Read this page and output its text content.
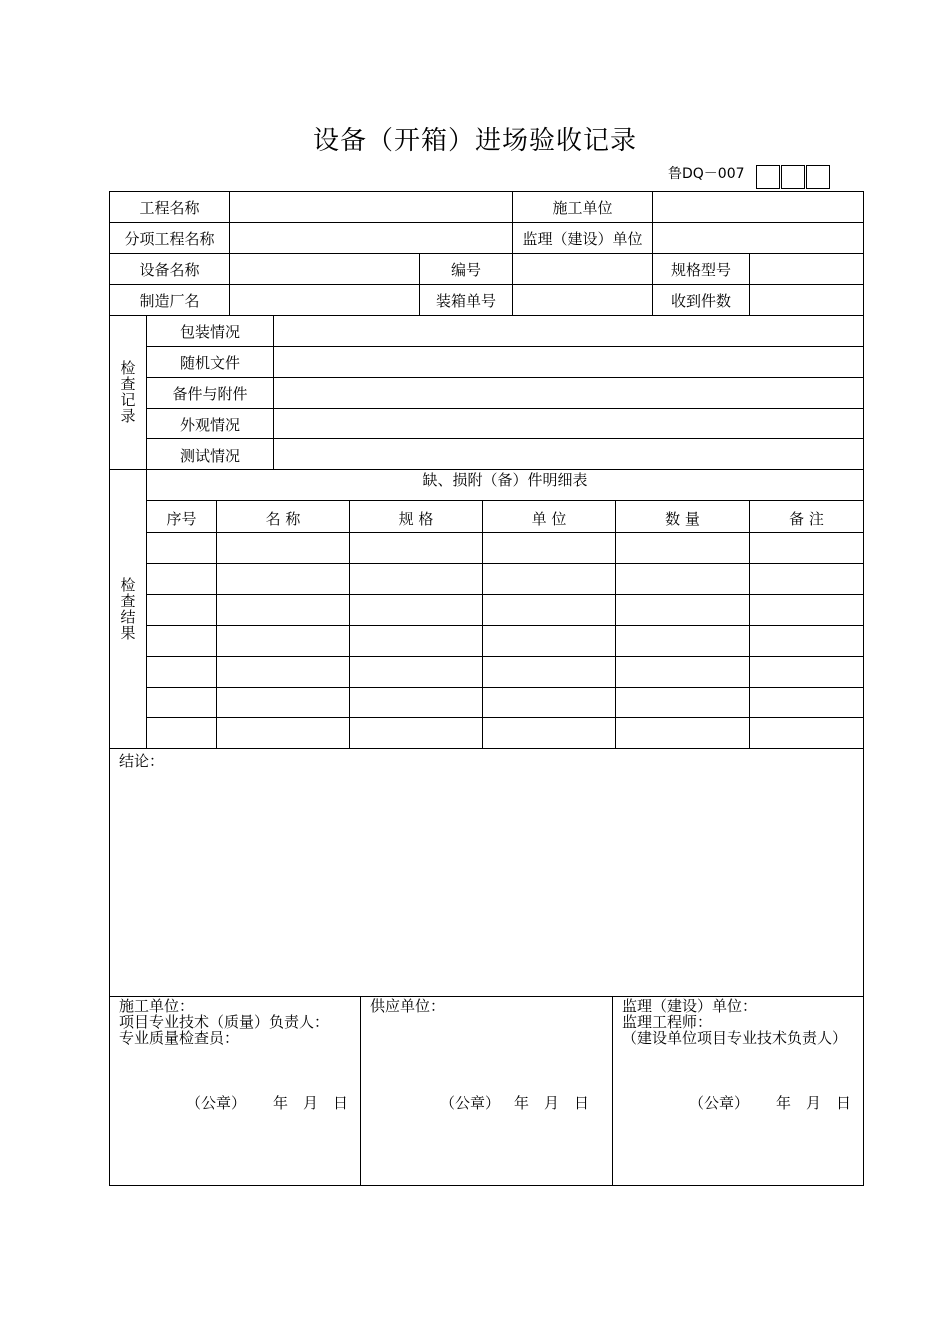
设备（开箱）进场验收记录
鲁DQ－007
工程名称	施工单位
分项工程名称	监理（建设）单位
设备名称	编号	规格型号
制造厂名	装箱单号	收到件数
检
查
记
录
包装情况
随机文件
备件与附件
外观情况
测试情况
检
查
结
果
缺、损附（备）件明细表
序号	名 称	规 格	单 位	数 量	备 注
结论：
施工单位：
项目专业技术（质量）负责人：
专业质量检查员：
（公章） 年　月　日
供应单位：
（公章） 年　月　日
监理（建设）单位：
监理工程师：
（建设单位项目专业技术负责人）
（公章） 年　月　日
